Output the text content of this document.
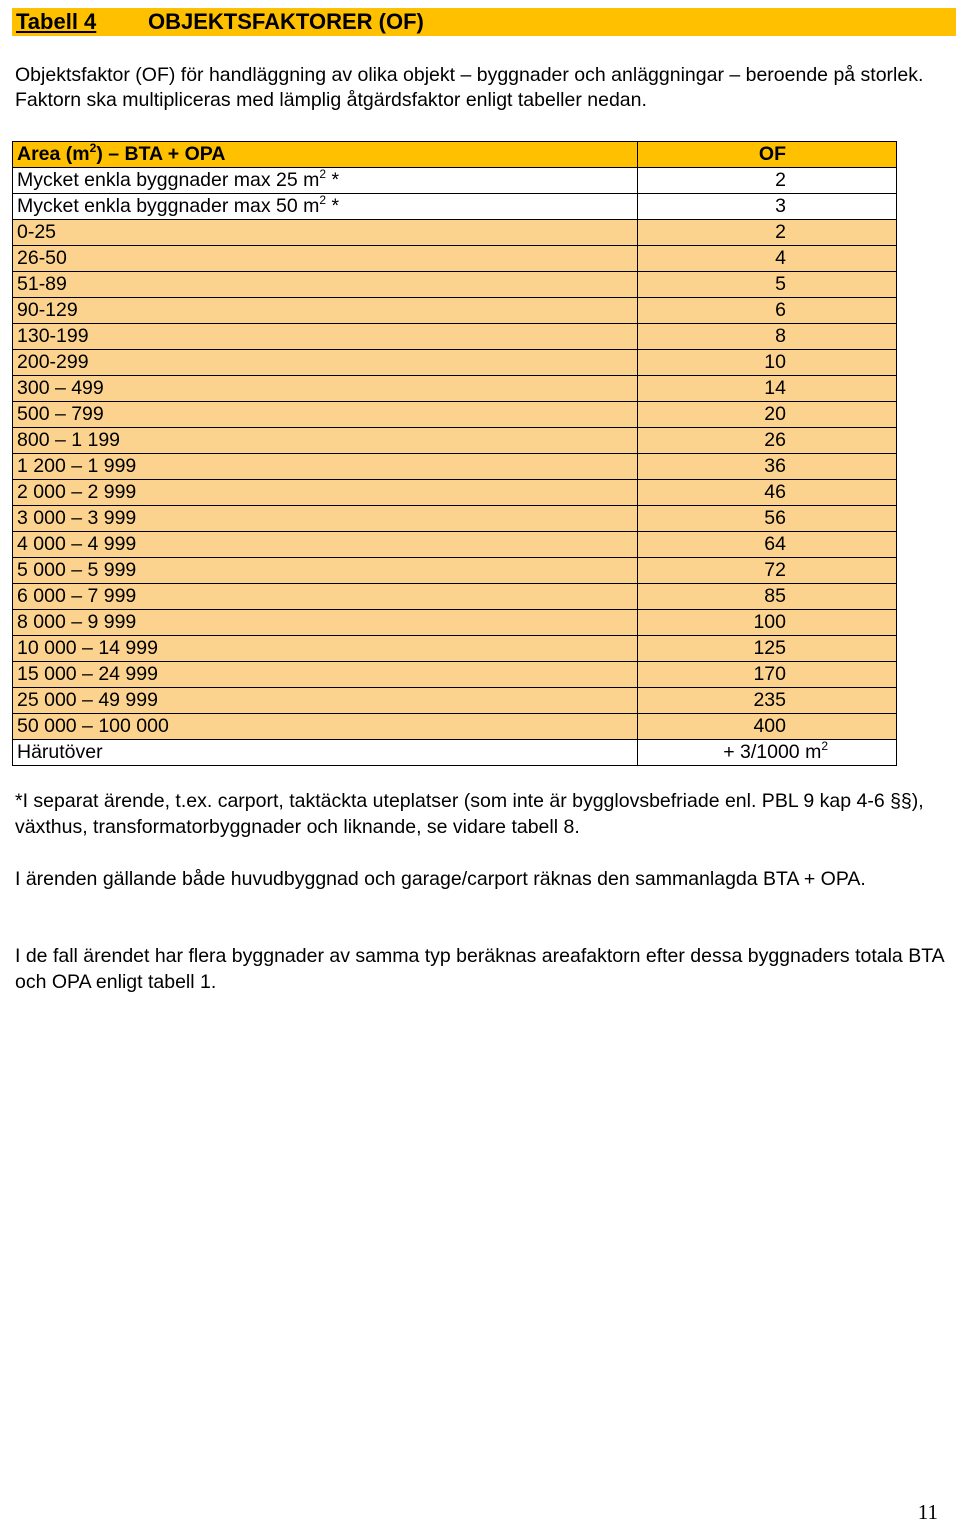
Tabell 4 OBJEKTSFAKTORER (OF)
Objektsfaktor (OF) för handläggning av olika objekt – byggnader och anläggningar – beroende på storlek. Faktorn ska multipliceras med lämplig åtgärdsfaktor enligt tabeller nedan.
Area $(m^2)$ – BTA + OPA	OF
Mycket enkla byggnader max 25 $m^2$ *	2
Mycket enkla byggnader max 50 $m^2$ *	3
0-25	2
26-50	4
51-89	5
90-129	6
130-199	8
200-299	10
300 – 499	14
500 – 799	20
800 – 1 199	26
1 200 – 1 999	36
2 000 – 2 999	46
3 000 – 3 999	56
4 000 – 4 999	64
5 000 – 5 999	72
6 000 – 7 999	85
8 000 – 9 999	100
10 000 – 14 999	125
15 000 – 24 999	170
25 000 – 49 999	235
50 000 – 100 000	400
Härutöver	+ 3/1000 $m^2$
*I separat ärende, t.ex. carport, taktäckta uteplatser (som inte är bygglovsbefriade enl. PBL 9 kap 4-6 §§), växthus, transformatorbyggnader och liknande, se vidare tabell 8.
I ärenden gällande både huvudbyggnad och garage/carport räknas den sammanlagda BTA + OPA.
I de fall ärendet har flera byggnader av samma typ beräknas areafaktorn efter dessa byggnaders totala BTA och OPA enligt tabell 1.
11
